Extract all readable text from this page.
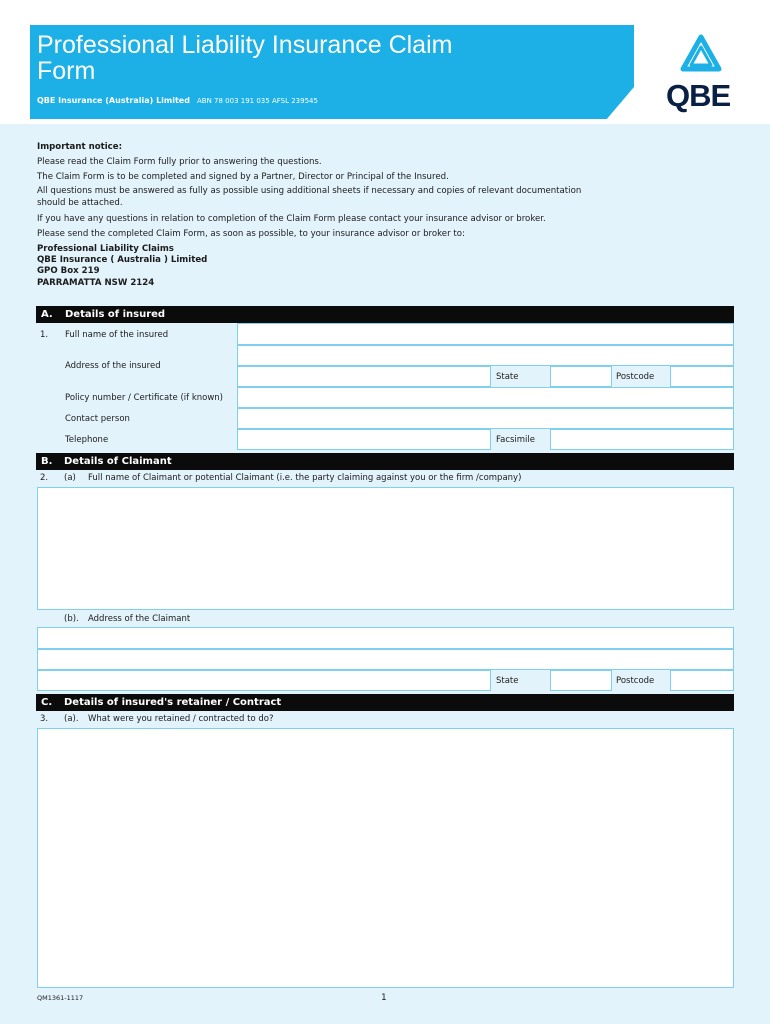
Professional Liability Insurance Claim Form
QBE Insurance (Australia) Limited ABN 78 003 191 035 AFSL 239545	QBE
Important notice:
Please read the Claim Form fully prior to answering the questions.
The Claim Form is to be completed and signed by a Partner, Director or Principal of the Insured.
All questions must be answered as fully as possible using additional sheets if necessary and copies of relevant documentation
should be attached.
If you have any questions in relation to completion of the Claim Form please contact your insurance advisor or broker.
Please send the completed Claim Form, as soon as possible, to your insurance advisor or broker to:
Professional Liability Claims
QBE Insurance ( Australia ) Limited
GPO Box 219
PARRAMATTA NSW 2124
A. Details of insured
1. Full name of the insured
Address of the insured
State	Postcode
Policy number / Certificate (if known)
Contact person
Telephone	Facsimile
B. Details of Claimant
2. (a) Full name of Claimant or potential Claimant (i.e. the party claiming against you or the firm /company)
(b). Address of the Claimant
State	Postcode
C. Details of insured's retainer / Contract
3. (a). What were you retained / contracted to do?
QM1361-1117	1
